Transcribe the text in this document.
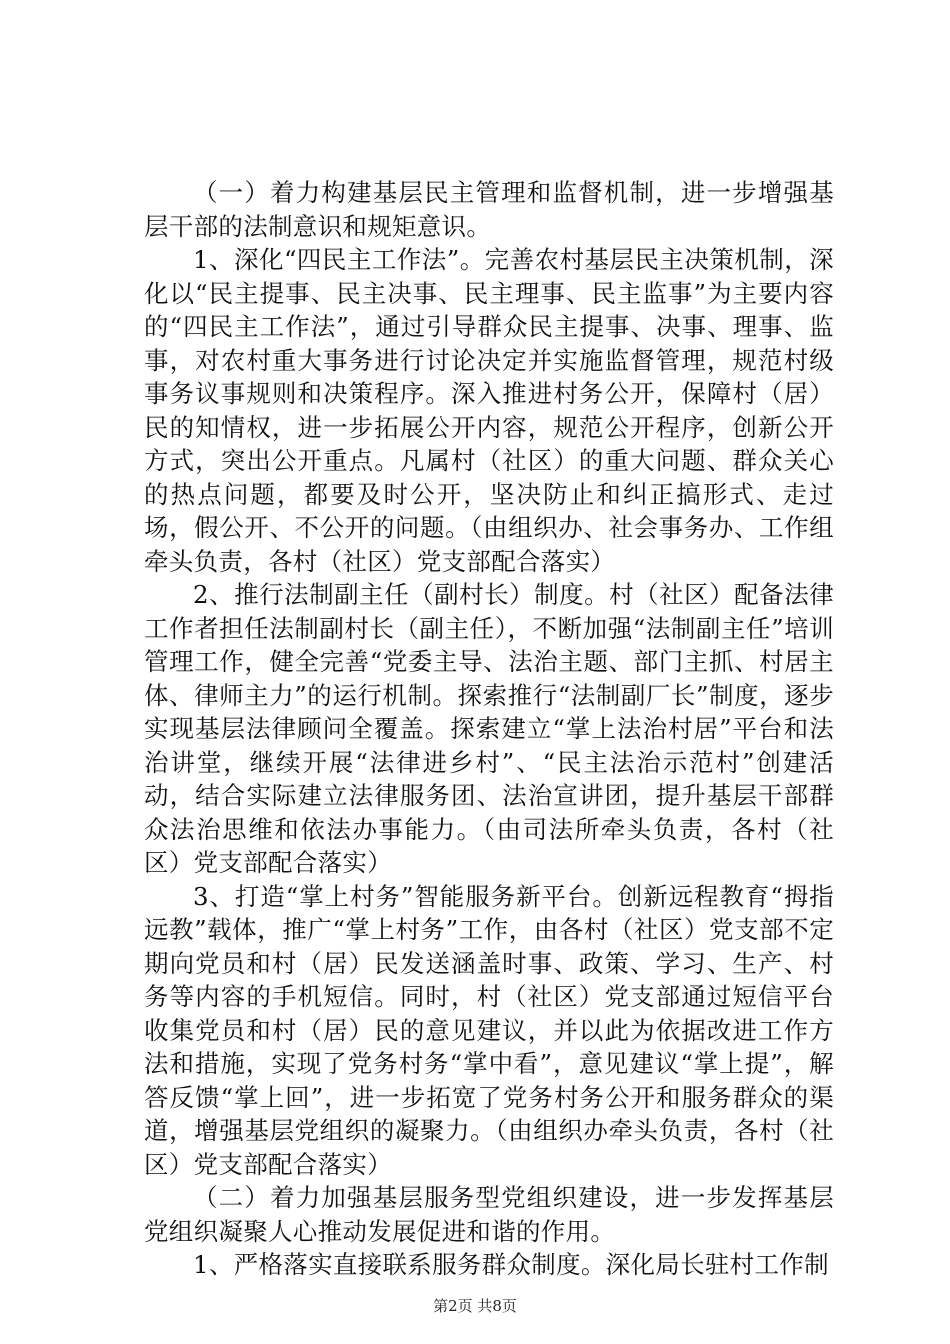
（一）着力构建基层民主管理和监督机制，进一步增强基层干部的法制意识和规矩意识。

1、深化“四民主工作法”。完善农村基层民主决策机制，深化以“民主提事、民主决事、民主理事、民主监事”为主要内容的“四民主工作法”，通过引导群众民主提事、决事、理事、监事，对农村重大事务进行讨论决定并实施监督管理，规范村级事务议事规则和决策程序。深入推进村务公开，保障村（居）民的知情权，进一步拓展公开内容，规范公开程序，创新公开方式，突出公开重点。凡属村（社区）的重大问题、群众关心的热点问题，都要及时公开，坚决防止和纠正搞形式、走过场，假公开、不公开的问题。（由组织办、社会事务办、工作组牵头负责，各村（社区）党支部配合落实）

2、推行法制副主任（副村长）制度。村（社区）配备法律工作者担任法制副村长（副主任），不断加强“法制副主任”培训管理工作，健全完善“党委主导、法治主题、部门主抓、村居主体、律师主力”的运行机制。探索推行“法制副厂长”制度，逐步实现基层法律顾问全覆盖。探索建立“掌上法治村居”平台和法治讲堂，继续开展“法律进乡村”、“民主法治示范村”创建活动，结合实际建立法律服务团、法治宣讲团，提升基层干部群众法治思维和依法办事能力。（由司法所牵头负责，各村（社区）党支部配合落实）

3、打造“掌上村务”智能服务新平台。创新远程教育“拇指远教”载体，推广“掌上村务”工作，由各村（社区）党支部不定期向党员和村（居）民发送涵盖时事、政策、学习、生产、村务等内容的手机短信。同时，村（社区）党支部通过短信平台收集党员和村（居）民的意见建议，并以此为依据改进工作方法和措施，实现了党务村务“掌中看”，意见建议“掌上提”，解答反馈“掌上回”，进一步拓宽了党务村务公开和服务群众的渠道，增强基层党组织的凝聚力。（由组织办牵头负责，各村（社区）党支部配合落实）

（二）着力加强基层服务型党组织建设，进一步发挥基层党组织凝聚人心推动发展促进和谐的作用。

1、严格落实直接联系服务群众制度。深化局长驻村工作制

第2页 共8页
